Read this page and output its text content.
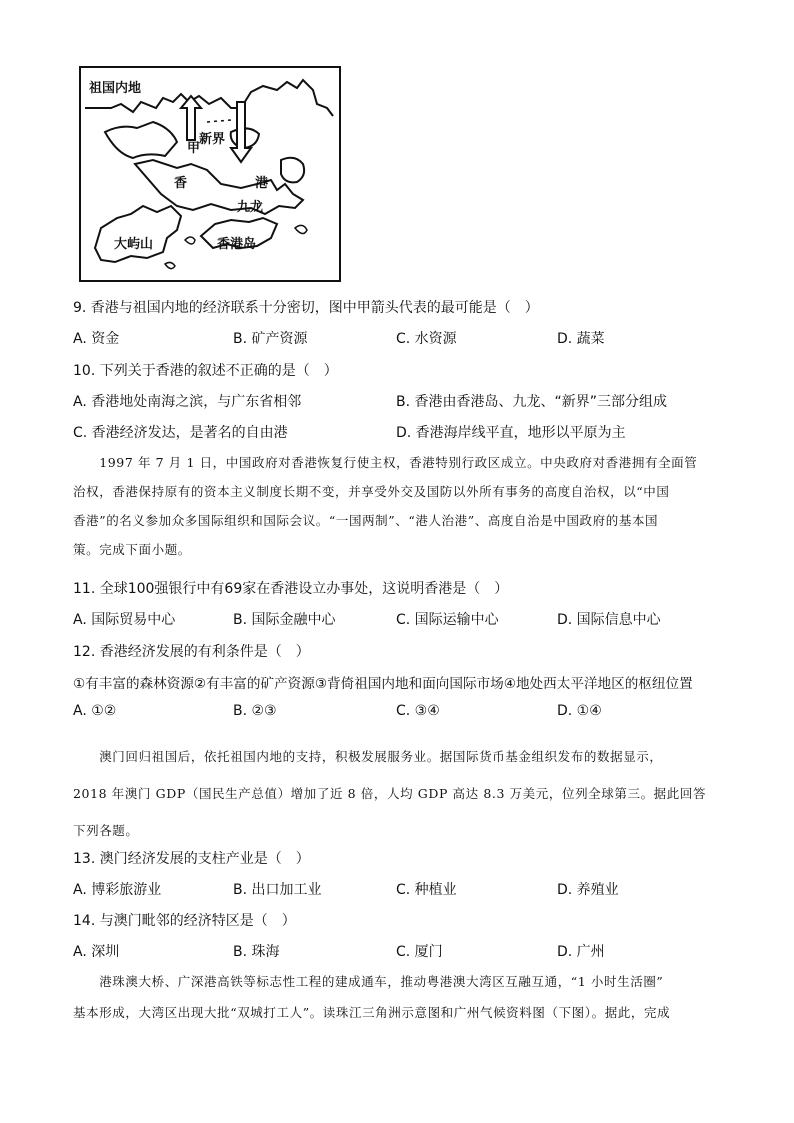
祖国内地
甲
新界
香	港
九龙
大屿山	香港岛
9. 香港与祖国内地的经济联系十分密切，图中甲箭头代表的最可能是（　）
A. 资金	B. 矿产资源	C. 水资源	D. 蔬菜
10. 下列关于香港的叙述不正确的是（　）
A. 香港地处南海之滨，与广东省相邻	B. 香港由香港岛、九龙、“新界”三部分组成
C. 香港经济发达，是著名的自由港	D. 香港海岸线平直，地形以平原为主
　　1997 年 7 月 1 日，中国政府对香港恢复行使主权，香港特别行政区成立。中央政府对香港拥有全面管
治权，香港保持原有的资本主义制度长期不变，并享受外交及国防以外所有事务的高度自治权，以“中国
香港”的名义参加众多国际组织和国际会议。“一国两制”、“港人治港”、高度自治是中国政府的基本国
策。完成下面小题。
11. 全球100强银行中有69家在香港设立办事处，这说明香港是（　）
A. 国际贸易中心	B. 国际金融中心	C. 国际运输中心	D. 国际信息中心
12. 香港经济发展的有利条件是（　）
①有丰富的森林资源②有丰富的矿产资源③背倚祖国内地和面向国际市场④地处西太平洋地区的枢纽位置
A. ①②	B. ②③	C. ③④	D. ①④
　　澳门回归祖国后，依托祖国内地的支持，积极发展服务业。据国际货币基金组织发布的数据显示，
2018 年澳门 GDP（国民生产总值）增加了近 8 倍，人均 GDP 高达 8.3 万美元，位列全球第三。据此回答
下列各题。
13. 澳门经济发展的支柱产业是（　）
A. 博彩旅游业	B. 出口加工业	C. 种植业	D. 养殖业
14. 与澳门毗邻的经济特区是（　）
A. 深圳	B. 珠海	C. 厦门	D. 广州
　　港珠澳大桥、广深港高铁等标志性工程的建成通车，推动粤港澳大湾区互融互通，“1 小时生活圈”
基本形成，大湾区出现大批“双城打工人”。读珠江三角洲示意图和广州气候资料图（下图）。据此，完成
